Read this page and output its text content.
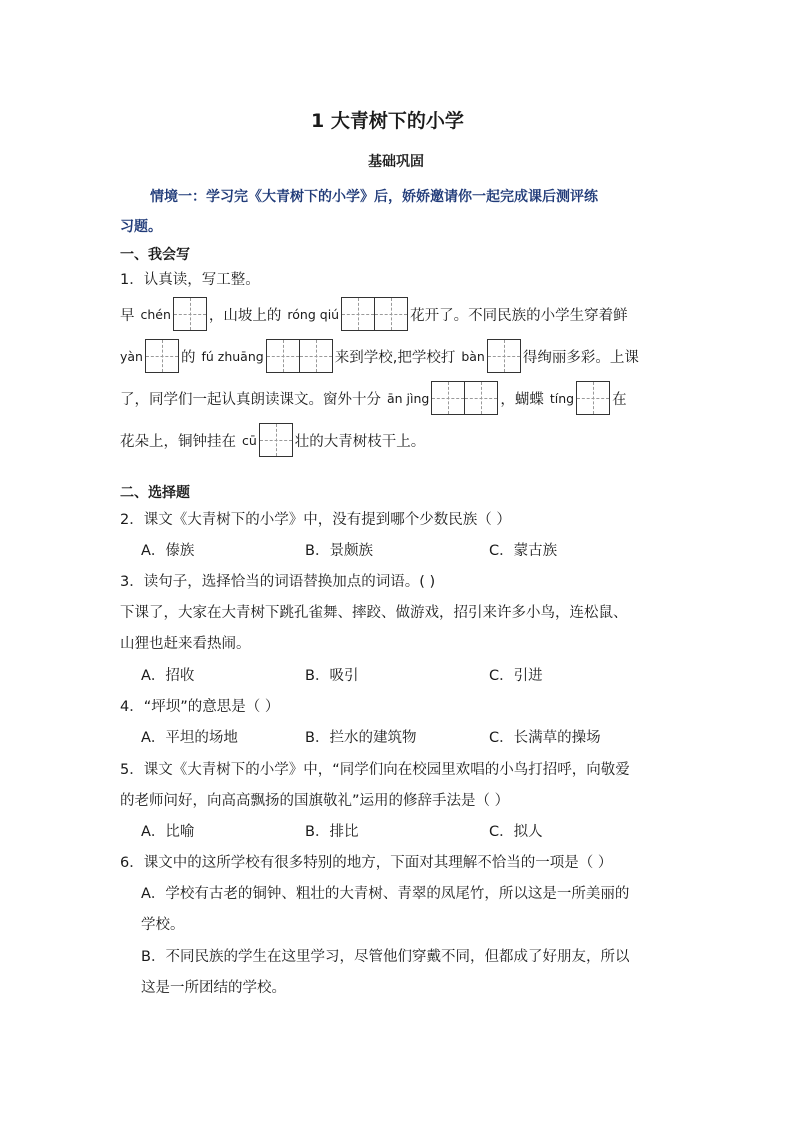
1 大青树下的小学
基础巩固
情境一：学习完《大青树下的小学》后，娇娇邀请你一起完成课后测评练
习题。
一、我会写
1．认真读，写工整。
早 chén	，山坡上的 róng qiú	花开了。不同民族的小学生穿着鲜
yàn	的 fú zhuāng	来到学校,把学校打 bàn	得绚丽多彩。上课
了，同学们一起认真朗读课文。窗外十分 ān jìng	，蝴蝶 tíng	在
花朵上，铜钟挂在 cū	壮的大青树枝干上。
二、选择题
2．课文《大青树下的小学》中，没有提到哪个少数民族（ ）
A．傣族	B．景颇族	C．蒙古族
3．读句子，选择恰当的词语替换加点的词语。( )
下课了，大家在大青树下跳孔雀舞、摔跤、做游戏，招引来许多小鸟，连松鼠、
山狸也赶来看热闹。
A．招收	B．吸引	C．引进
4．“坪坝”的意思是（ ）
A．平坦的场地	B．拦水的建筑物	C．长满草的操场
5．课文《大青树下的小学》中，“同学们向在校园里欢唱的小鸟打招呼，向敬爱
的老师问好，向高高飘扬的国旗敬礼”运用的修辞手法是（ ）
A．比喻	B．排比	C．拟人
6．课文中的这所学校有很多特别的地方，下面对其理解不恰当的一项是（ ）
A．学校有古老的铜钟、粗壮的大青树、青翠的凤尾竹，所以这是一所美丽的
学校。
B．不同民族的学生在这里学习，尽管他们穿戴不同，但都成了好朋友，所以
这是一所团结的学校。
